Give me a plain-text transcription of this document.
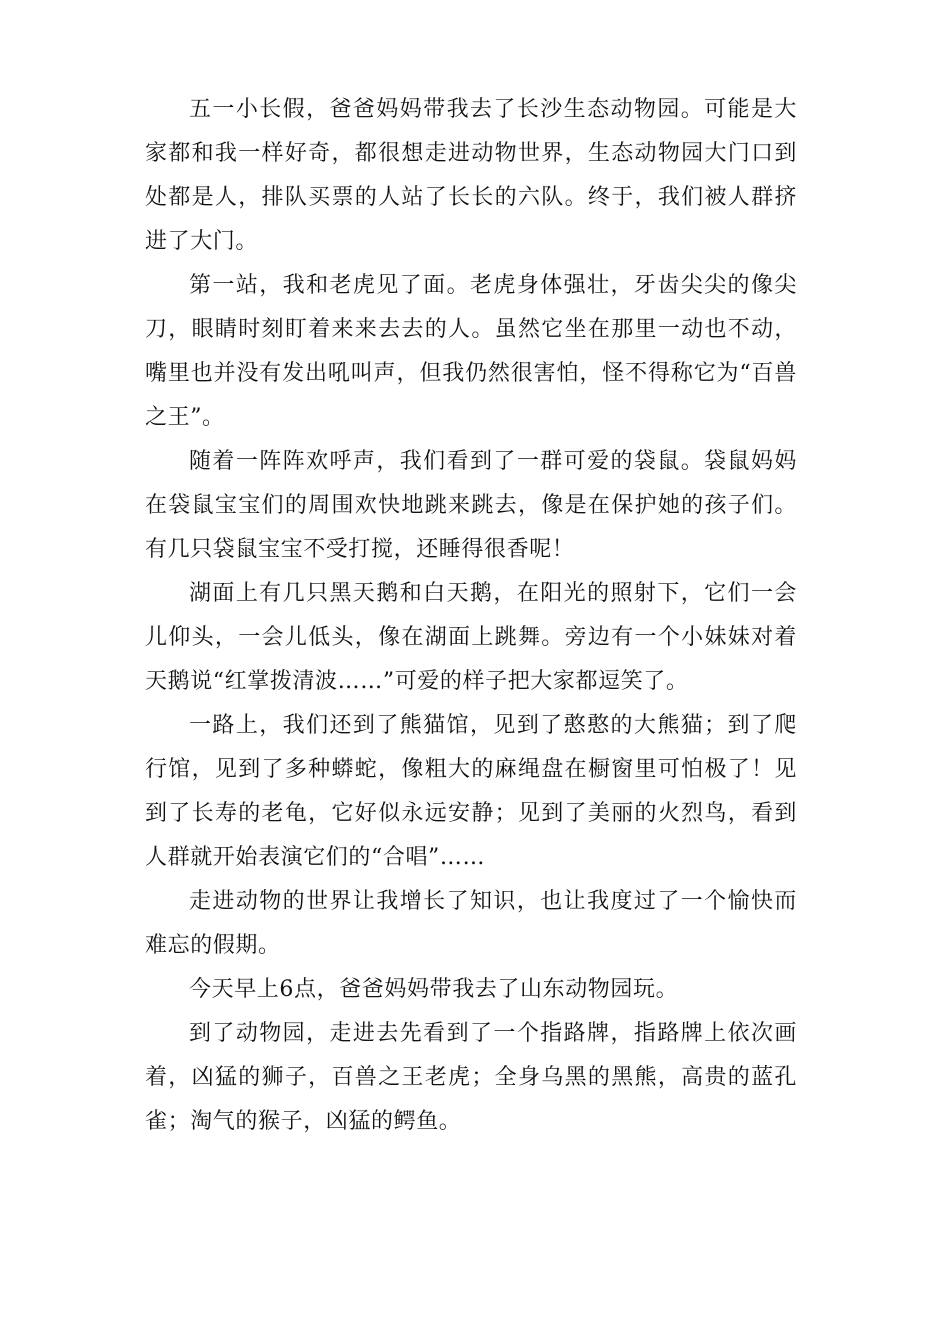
五一小长假，爸爸妈妈带我去了长沙生态动物园。可能是大家都和我一样好奇，都很想走进动物世界，生态动物园大门口到处都是人，排队买票的人站了长长的六队。终于，我们被人群挤进了大门。

第一站，我和老虎见了面。老虎身体强壮，牙齿尖尖的像尖刀，眼睛时刻盯着来来去去的人。虽然它坐在那里一动也不动，嘴里也并没有发出吼叫声，但我仍然很害怕，怪不得称它为“百兽之王”。

随着一阵阵欢呼声，我们看到了一群可爱的袋鼠。袋鼠妈妈在袋鼠宝宝们的周围欢快地跳来跳去，像是在保护她的孩子们。有几只袋鼠宝宝不受打搅，还睡得很香呢！

湖面上有几只黑天鹅和白天鹅，在阳光的照射下，它们一会儿仰头，一会儿低头，像在湖面上跳舞。旁边有一个小妹妹对着天鹅说“红掌拨清波……”可爱的样子把大家都逗笑了。

一路上，我们还到了熊猫馆，见到了憨憨的大熊猫；到了爬行馆，见到了多种蟒蛇，像粗大的麻绳盘在橱窗里可怕极了！见到了长寿的老龟，它好似永远安静；见到了美丽的火烈鸟，看到人群就开始表演它们的“合唱”……

走进动物的世界让我增长了知识，也让我度过了一个愉快而难忘的假期。

今天早上6点，爸爸妈妈带我去了山东动物园玩。

到了动物园，走进去先看到了一个指路牌，指路牌上依次画着，凶猛的狮子，百兽之王老虎；全身乌黑的黑熊，高贵的蓝孔雀；淘气的猴子，凶猛的鳄鱼。
